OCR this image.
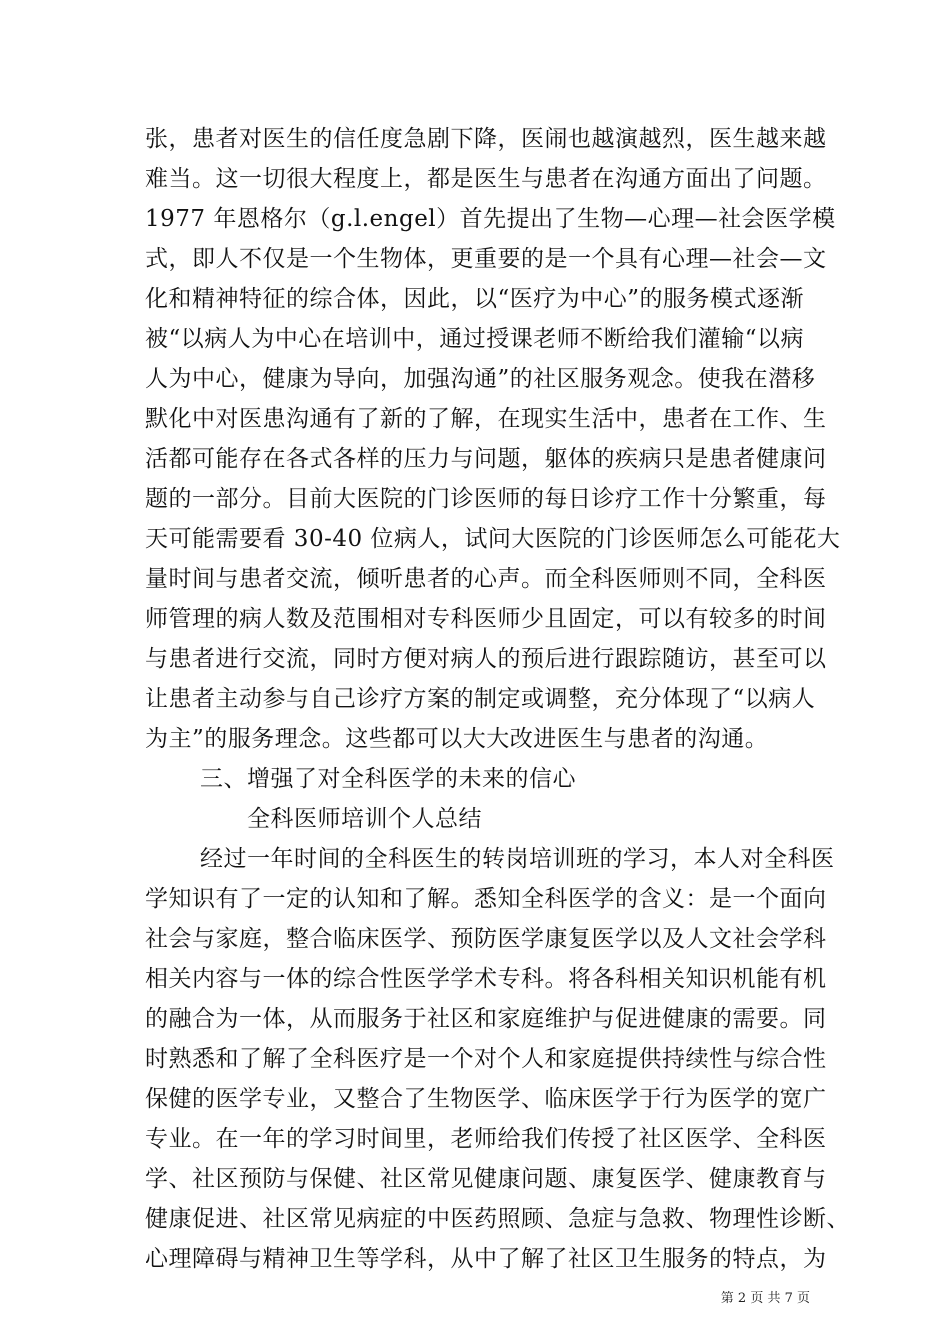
张，患者对医生的信任度急剧下降，医闹也越演越烈，医生越来越
难当。这一切很大程度上，都是医生与患者在沟通方面出了问题。
1977 年恩格尔（g.l.engel）首先提出了生物—心理—社会医学模
式，即人不仅是一个生物体，更重要的是一个具有心理—社会—文
化和精神特征的综合体，因此，以“医疗为中心”的服务模式逐渐
被“以病人为中心在培训中，通过授课老师不断给我们灌输“以病
人为中心，健康为导向，加强沟通”的社区服务观念。使我在潜移
默化中对医患沟通有了新的了解，在现实生活中，患者在工作、生
活都可能存在各式各样的压力与问题，躯体的疾病只是患者健康问
题的一部分。目前大医院的门诊医师的每日诊疗工作十分繁重，每
天可能需要看 30-40 位病人，试问大医院的门诊医师怎么可能花大
量时间与患者交流，倾听患者的心声。而全科医师则不同，全科医
师管理的病人数及范围相对专科医师少且固定，可以有较多的时间
与患者进行交流，同时方便对病人的预后进行跟踪随访，甚至可以
让患者主动参与自己诊疗方案的制定或调整，充分体现了“以病人
为主”的服务理念。这些都可以大大改进医生与患者的沟通。
三、增强了对全科医学的未来的信心
全科医师培训个人总结
经过一年时间的全科医生的转岗培训班的学习，本人对全科医
学知识有了一定的认知和了解。悉知全科医学的含义：是一个面向
社会与家庭，整合临床医学、预防医学康复医学以及人文社会学科
相关内容与一体的综合性医学学术专科。将各科相关知识机能有机
的融合为一体，从而服务于社区和家庭维护与促进健康的需要。同
时熟悉和了解了全科医疗是一个对个人和家庭提供持续性与综合性
保健的医学专业，又整合了生物医学、临床医学于行为医学的宽广
专业。在一年的学习时间里，老师给我们传授了社区医学、全科医
学、社区预防与保健、社区常见健康问题、康复医学、健康教育与
健康促进、社区常见病症的中医药照顾、急症与急救、物理性诊断、
心理障碍与精神卫生等学科，从中了解了社区卫生服务的特点，为
第 2 页 共 7 页
